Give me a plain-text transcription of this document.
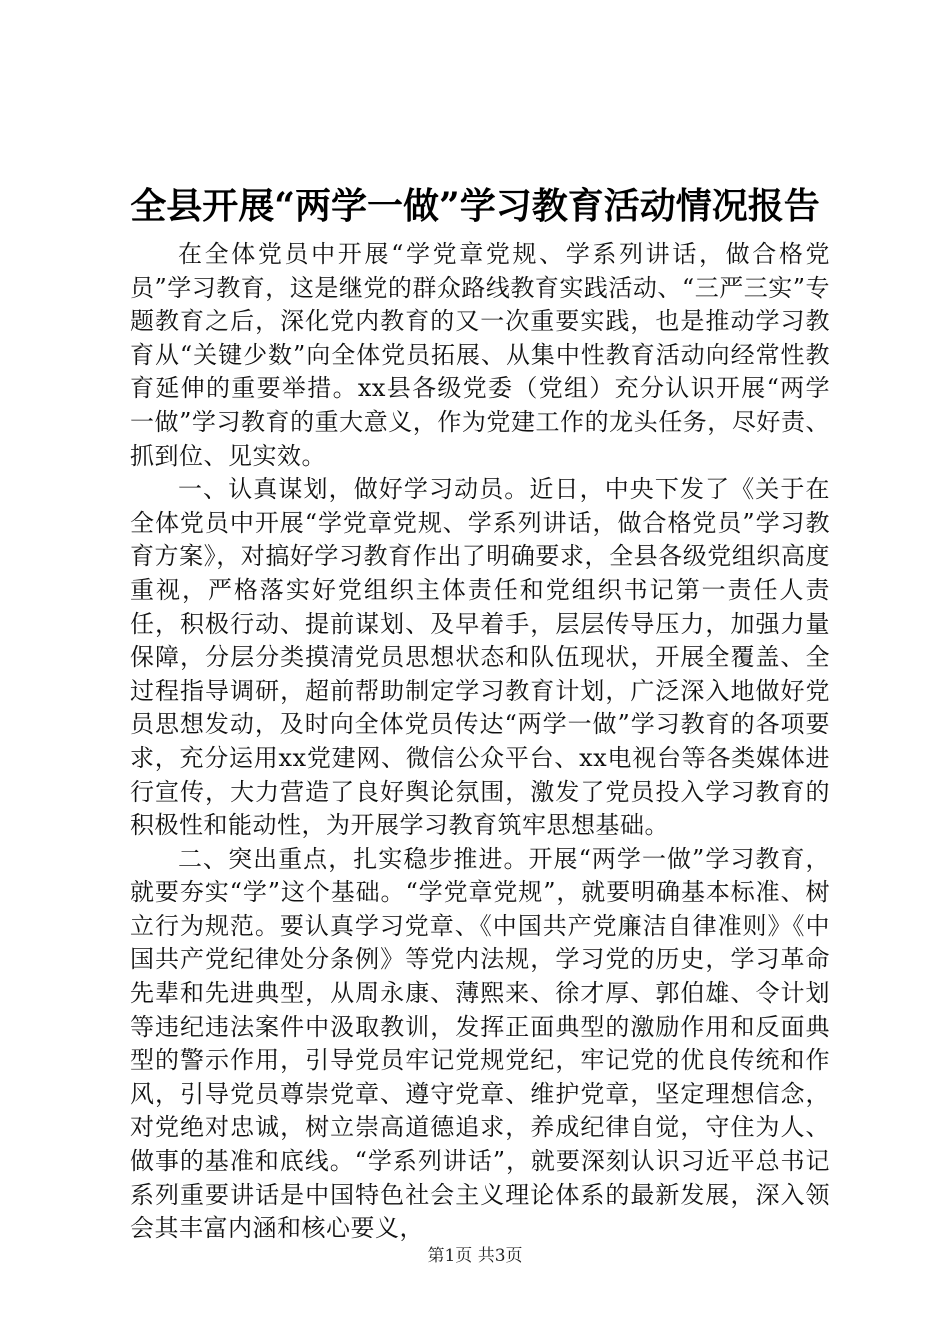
全县开展“两学一做”学习教育活动情况报告

在全体党员中开展“学党章党规、学系列讲话，做合格党员”学习教育，这是继党的群众路线教育实践活动、“三严三实”专题教育之后，深化党内教育的又一次重要实践，也是推动学习教育从“关键少数”向全体党员拓展、从集中性教育活动向经常性教育延伸的重要举措。xx县各级党委（党组）充分认识开展“两学一做”学习教育的重大意义，作为党建工作的龙头任务，尽好责、抓到位、见实效。

一、认真谋划，做好学习动员。近日，中央下发了《关于在全体党员中开展“学党章党规、学系列讲话，做合格党员”学习教育方案》，对搞好学习教育作出了明确要求，全县各级党组织高度重视，严格落实好党组织主体责任和党组织书记第一责任人责任，积极行动、提前谋划、及早着手，层层传导压力，加强力量保障，分层分类摸清党员思想状态和队伍现状，开展全覆盖、全过程指导调研，超前帮助制定学习教育计划，广泛深入地做好党员思想发动，及时向全体党员传达“两学一做”学习教育的各项要求，充分运用xx党建网、微信公众平台、xx电视台等各类媒体进行宣传，大力营造了良好舆论氛围，激发了党员投入学习教育的积极性和能动性，为开展学习教育筑牢思想基础。

二、突出重点，扎实稳步推进。开展“两学一做”学习教育，就要夯实“学”这个基础。“学党章党规”，就要明确基本标准、树立行为规范。要认真学习党章、《中国共产党廉洁自律准则》《中国共产党纪律处分条例》等党内法规，学习党的历史，学习革命先辈和先进典型，从周永康、薄熙来、徐才厚、郭伯雄、令计划等违纪违法案件中汲取教训，发挥正面典型的激励作用和反面典型的警示作用，引导党员牢记党规党纪，牢记党的优良传统和作风，引导党员尊崇党章、遵守党章、维护党章，坚定理想信念，对党绝对忠诚，树立崇高道德追求，养成纪律自觉，守住为人、做事的基准和底线。“学系列讲话”，就要深刻认识习近平总书记系列重要讲话是中国特色社会主义理论体系的最新发展，深入领会其丰富内涵和核心要义，

第1页 共3页
